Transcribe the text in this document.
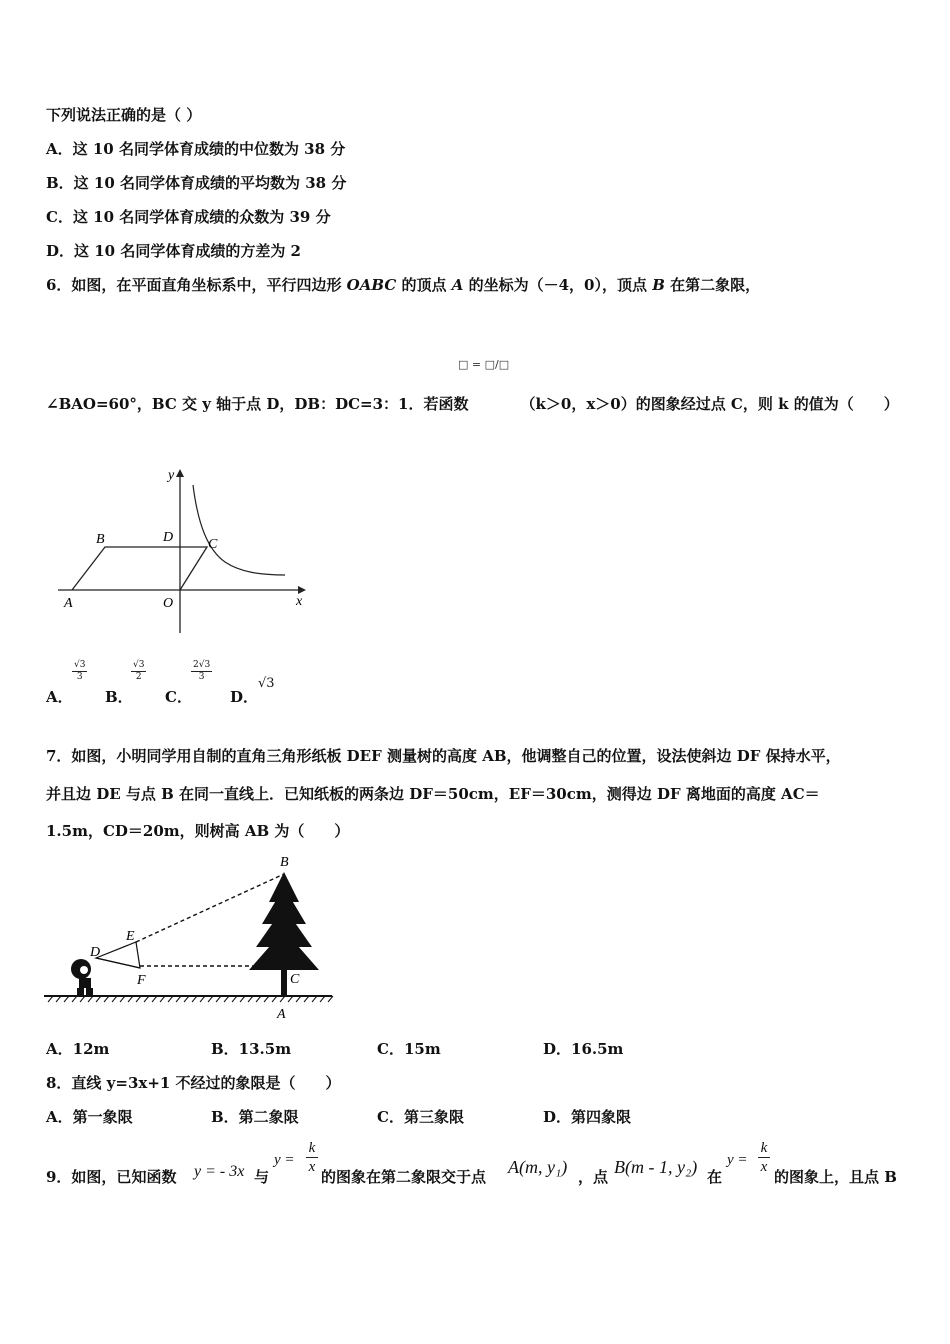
下列说法正确的是（ ）
A．这 10 名同学体育成绩的中位数为 38 分
B．这 10 名同学体育成绩的平均数为 38 分
C．这 10 名同学体育成绩的众数为 39 分
D．这 10 名同学体育成绩的方差为 2
6．如图，在平面直角坐标系中，平行四边形 OABC 的顶点 A 的坐标为（－4，0），顶点 B 在第二象限，
□ = □/□
∠BAO=60°，BC 交 y 轴于点 D，DB：DC=3：1．若函数	（k＞0，x＞0）的图象经过点 C，则 k 的值为（　　）
y
x
B	D C
A	O
A．
$\frac{√3}{3}$
B．
$\frac{√3}{2}$
C．
$\frac{2√3}{3}$
D．
√3
7．如图，小明同学用自制的直角三角形纸板 DEF 测量树的高度 AB，他调整自己的位置，设法使斜边 DF 保持水平，
并且边 DE 与点 B 在同一直线上．已知纸板的两条边 DF＝50cm，EF＝30cm，测得边 DF 离地面的高度 AC＝
1.5m，CD＝20m，则树高 AB 为（　　）
B
E
D
F	C
A
A．12m	B．13.5m	C．15m	D．16.5m
8．直线 y=3x+1 不经过的象限是（　　）
A．第一象限	B．第二象限	C．第三象限	D．第四象限
9．如图，已知函数 y = - 3x 与
$y = \frac{k}{x}$
的图象在第二象限交于点 A(m, y₁) ，点 B(m - 1, y₂) 在
$y = \frac{k}{x}$
的图象上，且点 B
